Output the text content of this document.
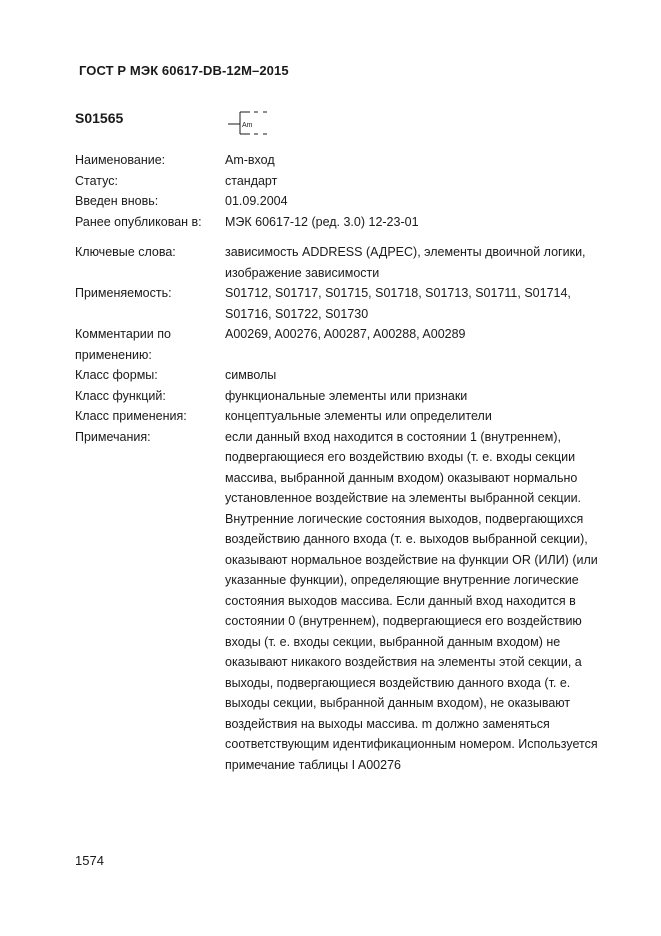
ГОСТ Р МЭК 60617-DB-12M–2015
S01565	Am
Наименование:	Am-вход
Статус:	стандарт
Введен вновь:	01.09.2004
Ранее опубликован в:	МЭК 60617-12 (ред. 3.0) 12-23-01
Ключевые слова:	зависимость ADDRESS (АДРЕС), элементы двоичной логики,
изображение зависимости
Применяемость:	S01712, S01717, S01715, S01718, S01713, S01711, S01714,
S01716, S01722, S01730
Комментарии по
применению:
A00269, A00276, A00287, A00288, A00289
Класс формы:	символы
Класс функций:	функциональные элементы или признаки
Класс применения:	концептуальные элементы или определители
Примечания:	если данный вход находится в состоянии 1 (внутреннем),
подвергающиеся его воздействию входы (т. е. входы секции
массива, выбранной данным входом) оказывают нормально
установленное воздействие на элементы выбранной секции.
Внутренние логические состояния выходов, подвергающихся
воздействию данного входа (т. е. выходов выбранной секции),
оказывают нормальное воздействие на функции OR (ИЛИ) (или
указанные функции), определяющие внутренние логические
состояния выходов массива. Если данный вход находится в
состоянии 0 (внутреннем), подвергающиеся его воздействию
входы (т. е. входы секции, выбранной данным входом) не
оказывают никакого воздействия на элементы этой секции, а
выходы, подвергающиеся воздействию данного входа (т. е.
выходы секции, выбранной данным входом), не оказывают
воздействия на выходы массива. m должно заменяться
соответствующим идентификационным номером. Используется
примечание таблицы I A00276
1574
